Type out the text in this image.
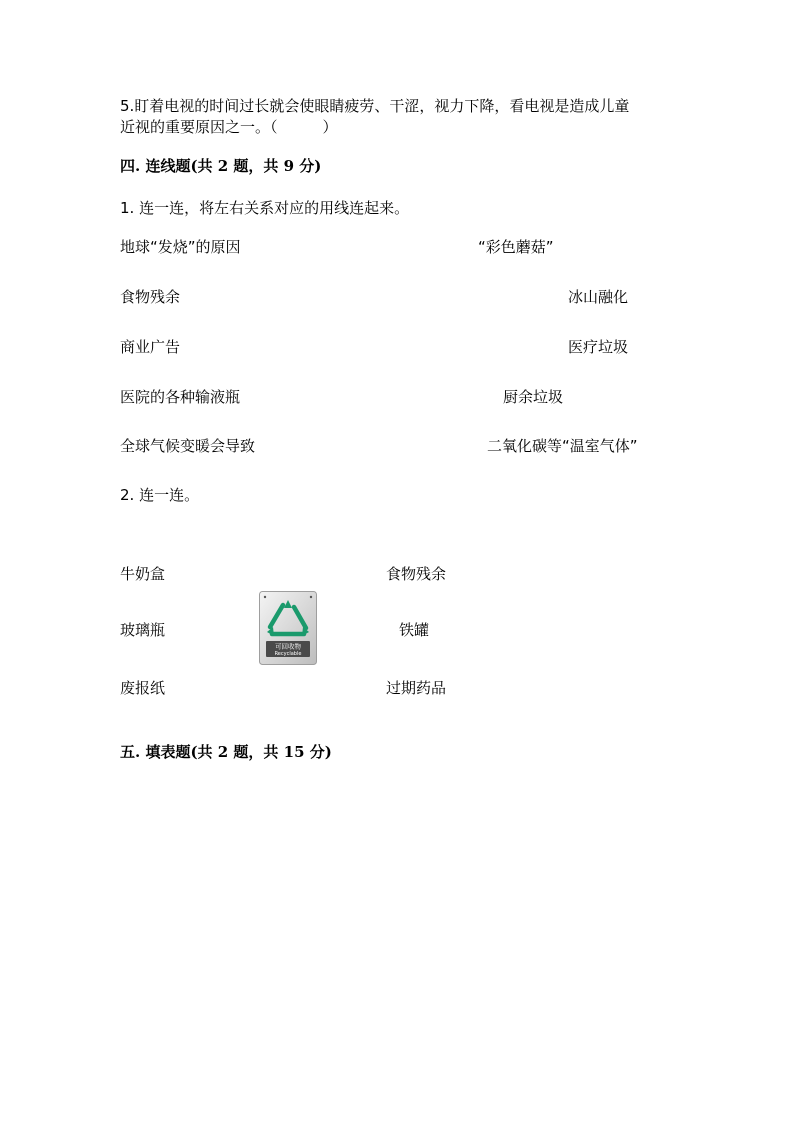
5.盯着电视的时间过长就会使眼睛疲劳、干涩，视力下降，看电视是造成儿童
近视的重要原因之一。（　　　）
四. 连线题(共 2 题，共 9 分)
1. 连一连，将左右关系对应的用线连起来。
地球“发烧”的原因
食物残余
商业广告
医院的各种输液瓶
全球气候变暖会导致
“彩色蘑菇”
冰山融化
医疗垃圾
厨余垃圾
二氧化碳等“温室气体”
2. 连一连。
牛奶盒
玻璃瓶
废报纸
可回收物
Recyclable
食物残余
铁罐
过期药品
五. 填表题(共 2 题，共 15 分)
